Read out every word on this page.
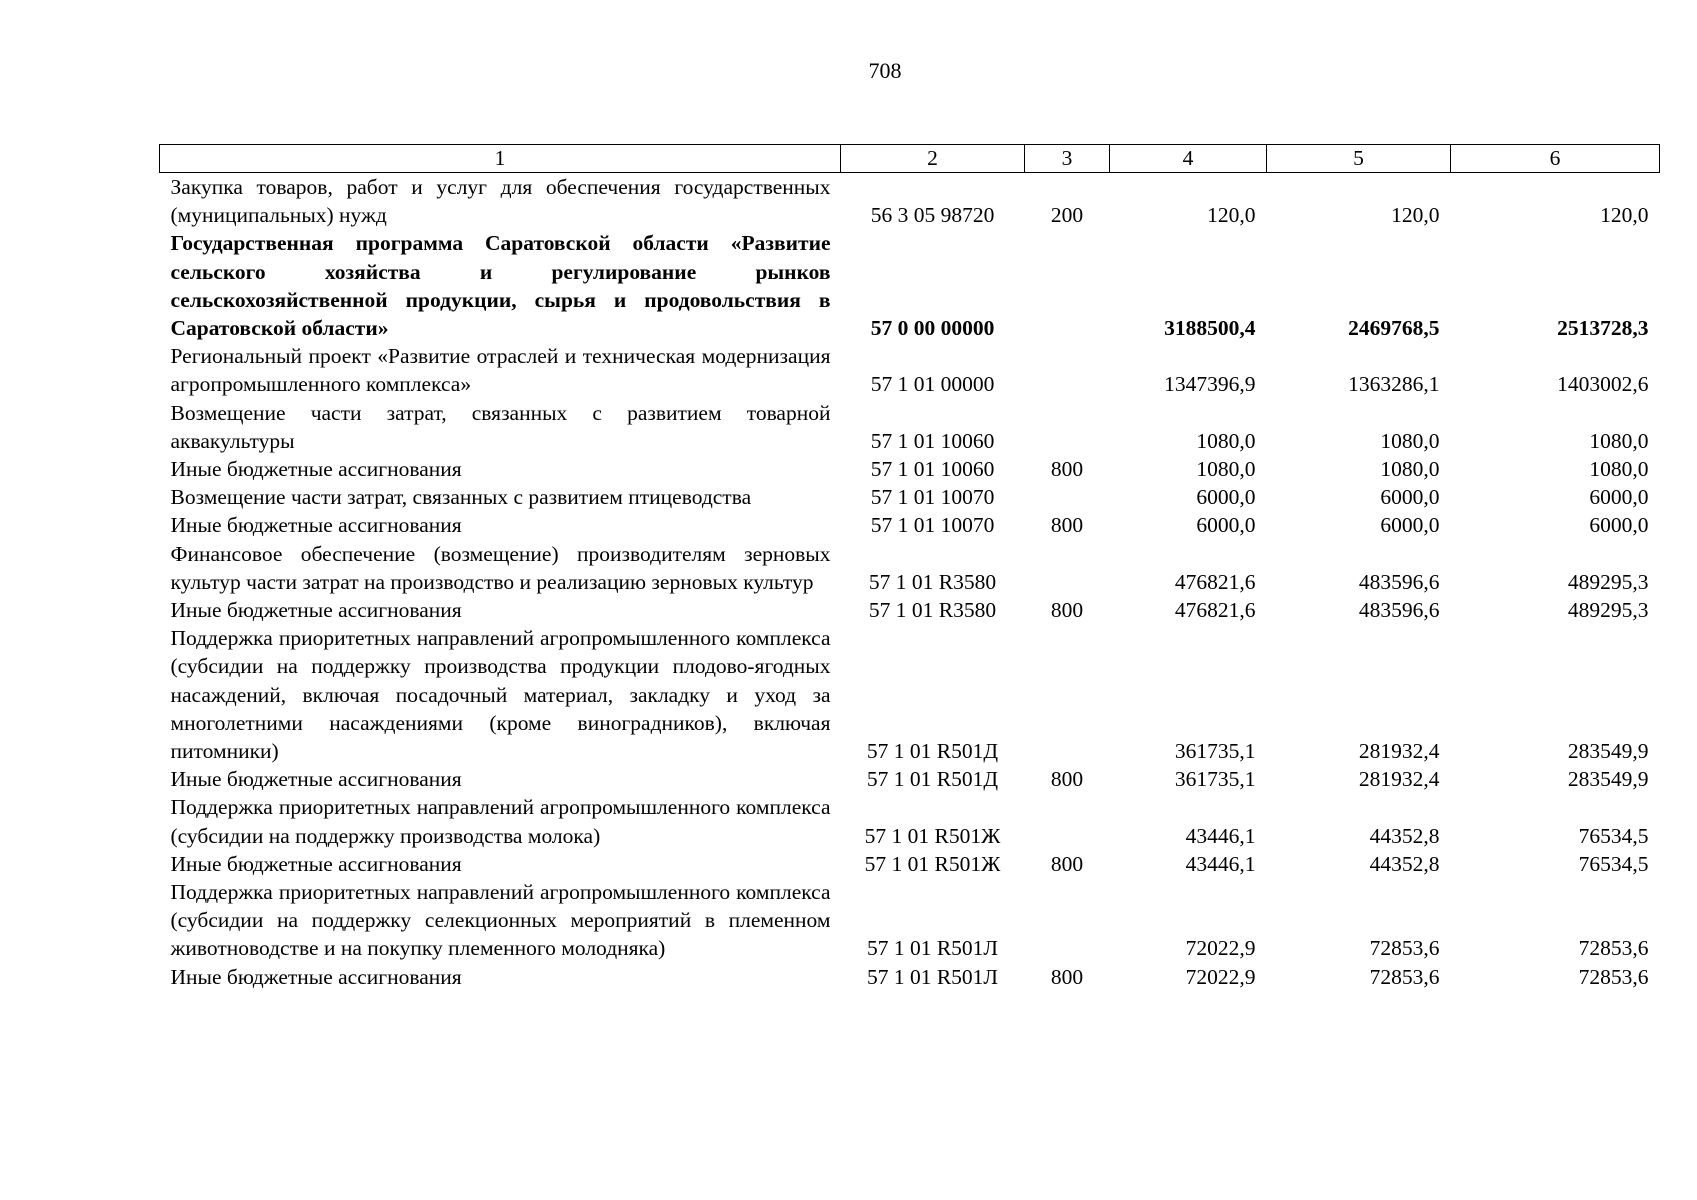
708
1	2	3	4	5	6
Закупка товаров, работ и услуг для обеспечения государственных (муниципальных) нужд	56 3 05 98720	200	120,0	120,0	120,0
Государственная программа Саратовской области «Развитие сельского хозяйства и регулирование рынков сельскохозяйственной продукции, сырья и продовольствия в Саратовской области»	57 0 00 00000		3188500,4	2469768,5	2513728,3
Региональный проект «Развитие отраслей и техническая модернизация агропромышленного комплекса»	57 1 01 00000		1347396,9	1363286,1	1403002,6
Возмещение части затрат, связанных с развитием товарной аквакультуры	57 1 01 10060		1080,0	1080,0	1080,0
Иные бюджетные ассигнования	57 1 01 10060	800	1080,0	1080,0	1080,0
Возмещение части затрат, связанных с развитием птицеводства	57 1 01 10070		6000,0	6000,0	6000,0
Иные бюджетные ассигнования	57 1 01 10070	800	6000,0	6000,0	6000,0
Финансовое обеспечение (возмещение) производителям зерновых культур части затрат на производство и реализацию зерновых культур	57 1 01 R3580		476821,6	483596,6	489295,3
Иные бюджетные ассигнования	57 1 01 R3580	800	476821,6	483596,6	489295,3
Поддержка приоритетных направлений агропромышленного комплекса (субсидии на поддержку производства продукции плодово-ягодных насаждений, включая посадочный материал, закладку и уход за многолетними насаждениями (кроме виноградников), включая питомники)	57 1 01 R501Д		361735,1	281932,4	283549,9
Иные бюджетные ассигнования	57 1 01 R501Д	800	361735,1	281932,4	283549,9
Поддержка приоритетных направлений агропромышленного комплекса (субсидии на поддержку производства молока)	57 1 01 R501Ж		43446,1	44352,8	76534,5
Иные бюджетные ассигнования	57 1 01 R501Ж	800	43446,1	44352,8	76534,5
Поддержка приоритетных направлений агропромышленного комплекса (субсидии на поддержку селекционных мероприятий в племенном животноводстве и на покупку племенного молодняка)	57 1 01 R501Л		72022,9	72853,6	72853,6
Иные бюджетные ассигнования	57 1 01 R501Л	800	72022,9	72853,6	72853,6
